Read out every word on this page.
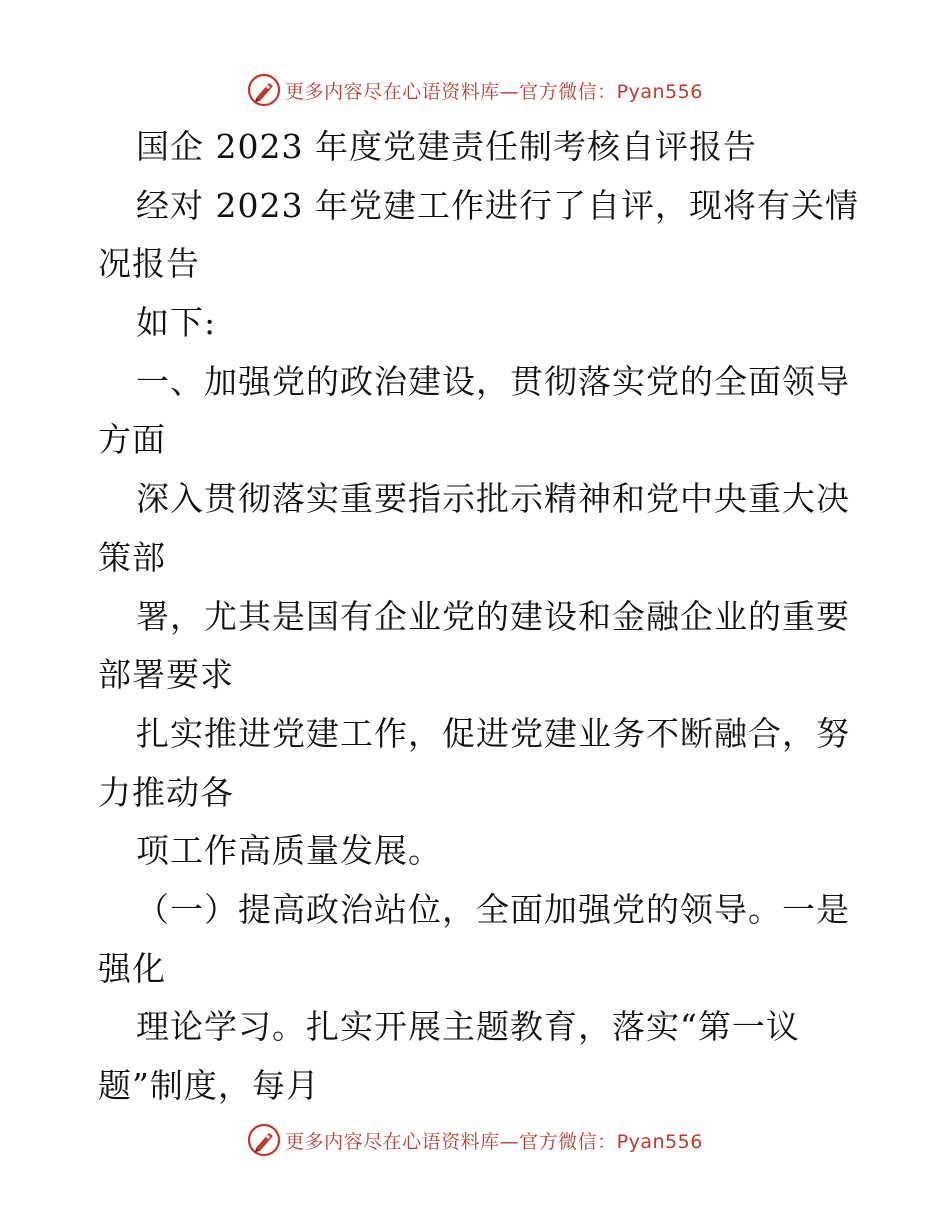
更多内容尽在心语资料库—官方微信：Pyan556
国企 2023 年度党建责任制考核自评报告
经对 2023 年党建工作进行了自评，现将有关情
况报告
如下:
一、加强党的政治建设，贯彻落实党的全面领导
方面
深入贯彻落实重要指示批示精神和党中央重大决
策部
署，尤其是国有企业党的建设和金融企业的重要
部署要求
扎实推进党建工作，促进党建业务不断融合，努
力推动各
项工作高质量发展。
（一）提高政治站位，全面加强党的领导。一是
强化
理论学习。扎实开展主题教育，落实“第一议
题”制度，每月
更多内容尽在心语资料库—官方微信：Pyan556
